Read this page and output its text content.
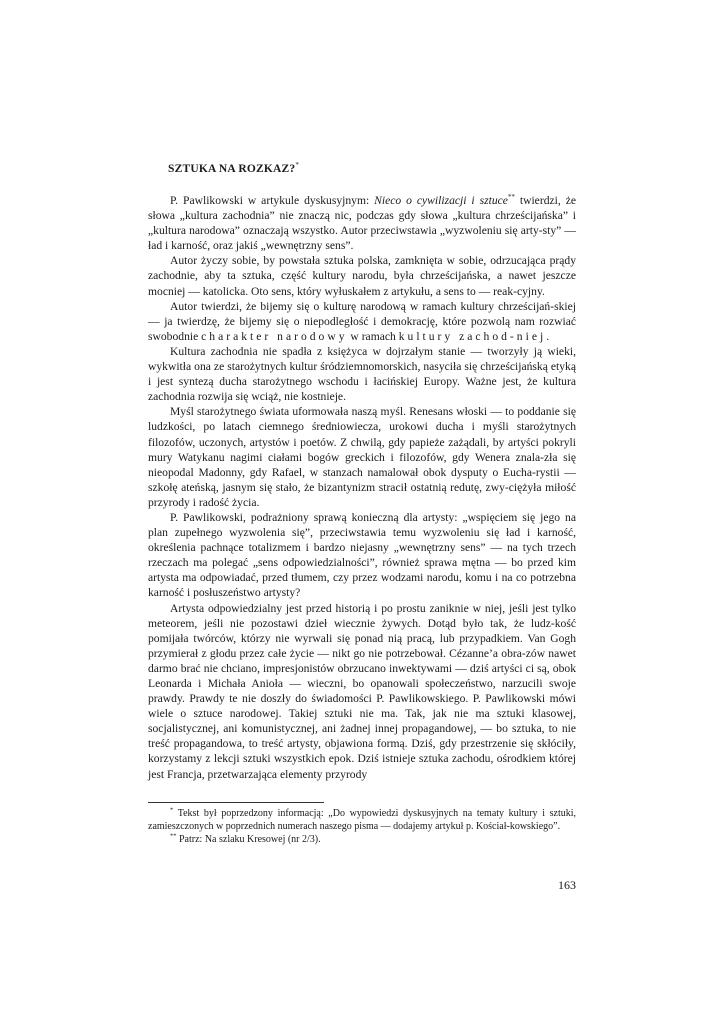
SZTUKA NA ROZKAZ?*

P. Pawlikowski w artykule dyskusyjnym: Nieco o cywilizacji i sztuce** twierdzi, że słowa „kultura zachodnia” nie znaczą nic, podczas gdy słowa „kultura chrześcijańska” i „kultura narodowa” oznaczają wszystko. Autor przeciwstawia „wyzwoleniu się arty-sty” — ład i karność, oraz jakiś „wewnętrzny sens”.

Autor życzy sobie, by powstała sztuka polska, zamknięta w sobie, odrzucająca prądy zachodnie, aby ta sztuka, część kultury narodu, była chrześcijańska, a nawet jeszcze mocniej — katolicka. Oto sens, który wyłuskałem z artykułu, a sens to — reak-cyjny.

Autor twierdzi, że bijemy się o kulturę narodową w ramach kultury chrześcijań-skiej — ja twierdzę, że bijemy się o niepodległość i demokrację, które pozwolą nam rozwiać swobodnie charakter narodowy w ramach kultury zachod-niej.

Kultura zachodnia nie spadła z księżyca w dojrzałym stanie — tworzyły ją wieki, wykwitła ona ze starożytnych kultur śródziemnomorskich, nasyciła się chrześcijańską etyką i jest syntezą ducha starożytnego wschodu i łacińskiej Europy. Ważne jest, że kultura zachodnia rozwija się wciąż, nie kostnieje.

Myśl starożytnego świata uformowała naszą myśl. Renesans włoski — to poddanie się ludzkości, po latach ciemnego średniowiecza, urokowi ducha i myśli starożytnych filozofów, uczonych, artystów i poetów. Z chwilą, gdy papieże zażądali, by artyści pokryli mury Watykanu nagimi ciałami bogów greckich i filozofów, gdy Wenera znala-zła się nieopodal Madonny, gdy Rafael, w stanzach namalował obok dysputy o Eucha-rystii — szkołę ateńską, jasnym się stało, że bizantynizm stracił ostatnią redutę, zwy-ciężyła miłość przyrody i radość życia.

P. Pawlikowski, podrażniony sprawą konieczną dla artysty: „wspięciem się jego na plan zupełnego wyzwolenia się”, przeciwstawia temu wyzwoleniu się ład i karność, określenia pachnące totalizmem i bardzo niejasny „wewnętrzny sens” — na tych trzech rzeczach ma polegać „sens odpowiedzialności”, również sprawa mętna — bo przed kim artysta ma odpowiadać, przed tłumem, czy przez wodzami narodu, komu i na co potrzebna karność i posłuszeństwo artysty?

Artysta odpowiedzialny jest przed historią i po prostu zaniknie w niej, jeśli jest tylko meteorem, jeśli nie pozostawi dzieł wiecznie żywych. Dotąd było tak, że ludz-kość pomijała twórców, którzy nie wyrwali się ponad nią pracą, lub przypadkiem. Van Gogh przymierał z głodu przez całe życie — nikt go nie potrzebował. Cézanne’a obra-zów nawet darmo brać nie chciano, impresjonistów obrzucano inwektywami — dziś artyści ci są, obok Leonarda i Michała Anioła — wieczni, bo opanowali społeczeństwo, narzucili swoje prawdy. Prawdy te nie doszły do świadomości P. Pawlikowskiego. P. Pawlikowski mówi wiele o sztuce narodowej. Takiej sztuki nie ma. Tak, jak nie ma sztuki klasowej, socjalistycznej, ani komunistycznej, ani żadnej innej propagandowej, — bo sztuka, to nie treść propagandowa, to treść artysty, objawiona formą. Dziś, gdy przestrzenie się skłóciły, korzystamy z lekcji sztuki wszystkich epok. Dziś istnieje sztuka zachodu, ośrodkiem której jest Francja, przetwarzająca elementy przyrody

* Tekst był poprzedzony informacją: „Do wypowiedzi dyskusyjnych na tematy kultury i sztuki, zamieszczonych w poprzednich numerach naszego pisma — dodajemy artykuł p. Kościał-kowskiego”.

** Patrz: Na szlaku Kresowej (nr 2/3).

163
